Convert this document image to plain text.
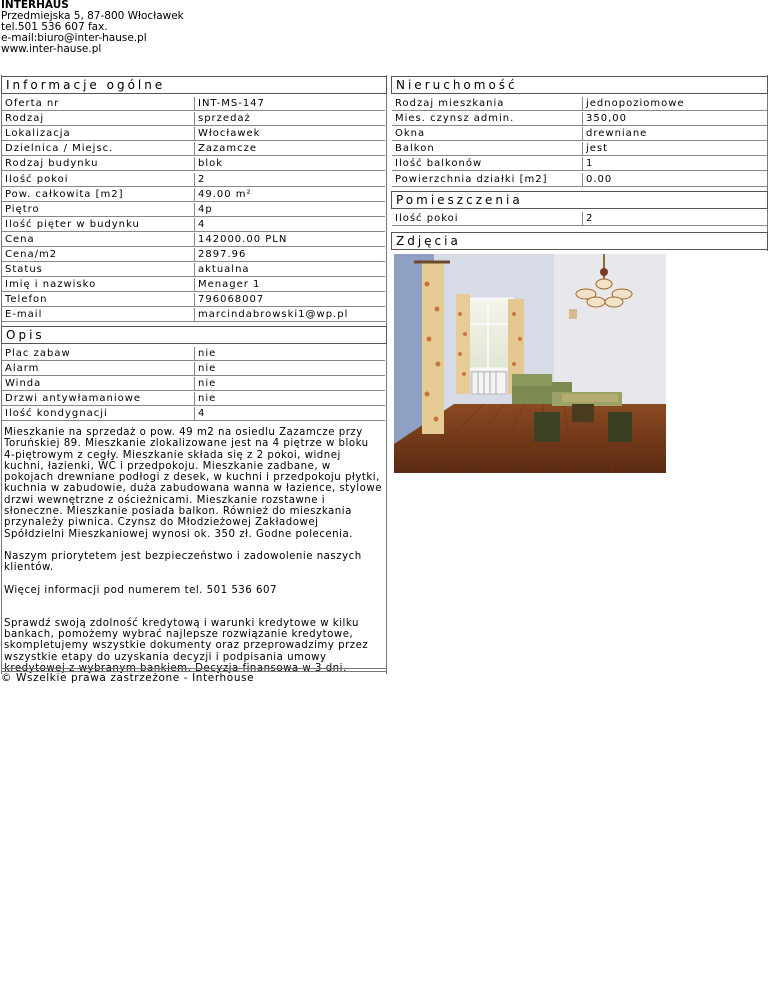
INTERHAUS
Przedmiejska 5, 87-800 Włocławek
tel.501 536 607 fax.
e-mail:biuro@inter-hause.pl
www.inter-hause.pl
Informacje ogólne
Oferta nr	INT-MS-147
Rodzaj	sprzedaż
Lokalizacja	Włocławek
Dzielnica / Miejsc.	Zazamcze
Rodzaj budynku	blok
Ilość pokoi	2
Pow. całkowita [m2]	49.00 m²
Piętro	4p
Ilość pięter w budynku	4
Cena	142000.00 PLN
Cena/m2	2897.96
Status	aktualna
Imię i nazwisko	Menager 1
Telefon	796068007
E-mail	marcindabrowski1@wp.pl
Opis
Plac zabaw	nie
Alarm	nie
Winda	nie
Drzwi antywłamaniowe	nie
Ilość kondygnacji	4

Mieszkanie na sprzedaż o pow. 49 m2 na osiedlu Zazamcze przy Toruńskiej 89. Mieszkanie zlokalizowane jest na 4 piętrze w bloku 4-piętrowym z cegły. Mieszkanie składa się z 2 pokoi, widnej kuchni, łazienki, WC i przedpokoju. Mieszkanie zadbane, w pokojach drewniane podłogi z desek, w kuchni i przedpokoju płytki, kuchnia w zabudowie, duża zabudowana wanna w łazience, stylowe drzwi wewnętrzne z ościeżnicami. Mieszkanie rozstawne i słoneczne. Mieszkanie posiada balkon. Również do mieszkania przynależy piwnica. Czynsz do Młodzieżowej Zakładowej Spółdzielni Mieszkaniowej wynosi ok. 350 zł. Godne polecenia.

Naszym priorytetem jest bezpieczeństwo i zadowolenie naszych klientów.

Więcej informacji pod numerem tel. 501 536 607

Sprawdź swoją zdolność kredytową i warunki kredytowe w kilku bankach, pomożemy wybrać najlepsze rozwiązanie kredytowe, skompletujemy wszystkie dokumenty oraz przeprowadzimy przez wszystkie etapy do uzyskania decyzji i podpisania umowy

Nieruchomość
Rodzaj mieszkania	jednopoziomowe
Mies. czynsz admin.	350,00
Okna	drewniane
Balkon	jest
Ilość balkonów	1
Powierzchnia działki [m2]	0.00
Pomieszczenia
Ilość pokoi	2
Zdjęcia
© Wszelkie prawa zastrzeżone - Interhouse
